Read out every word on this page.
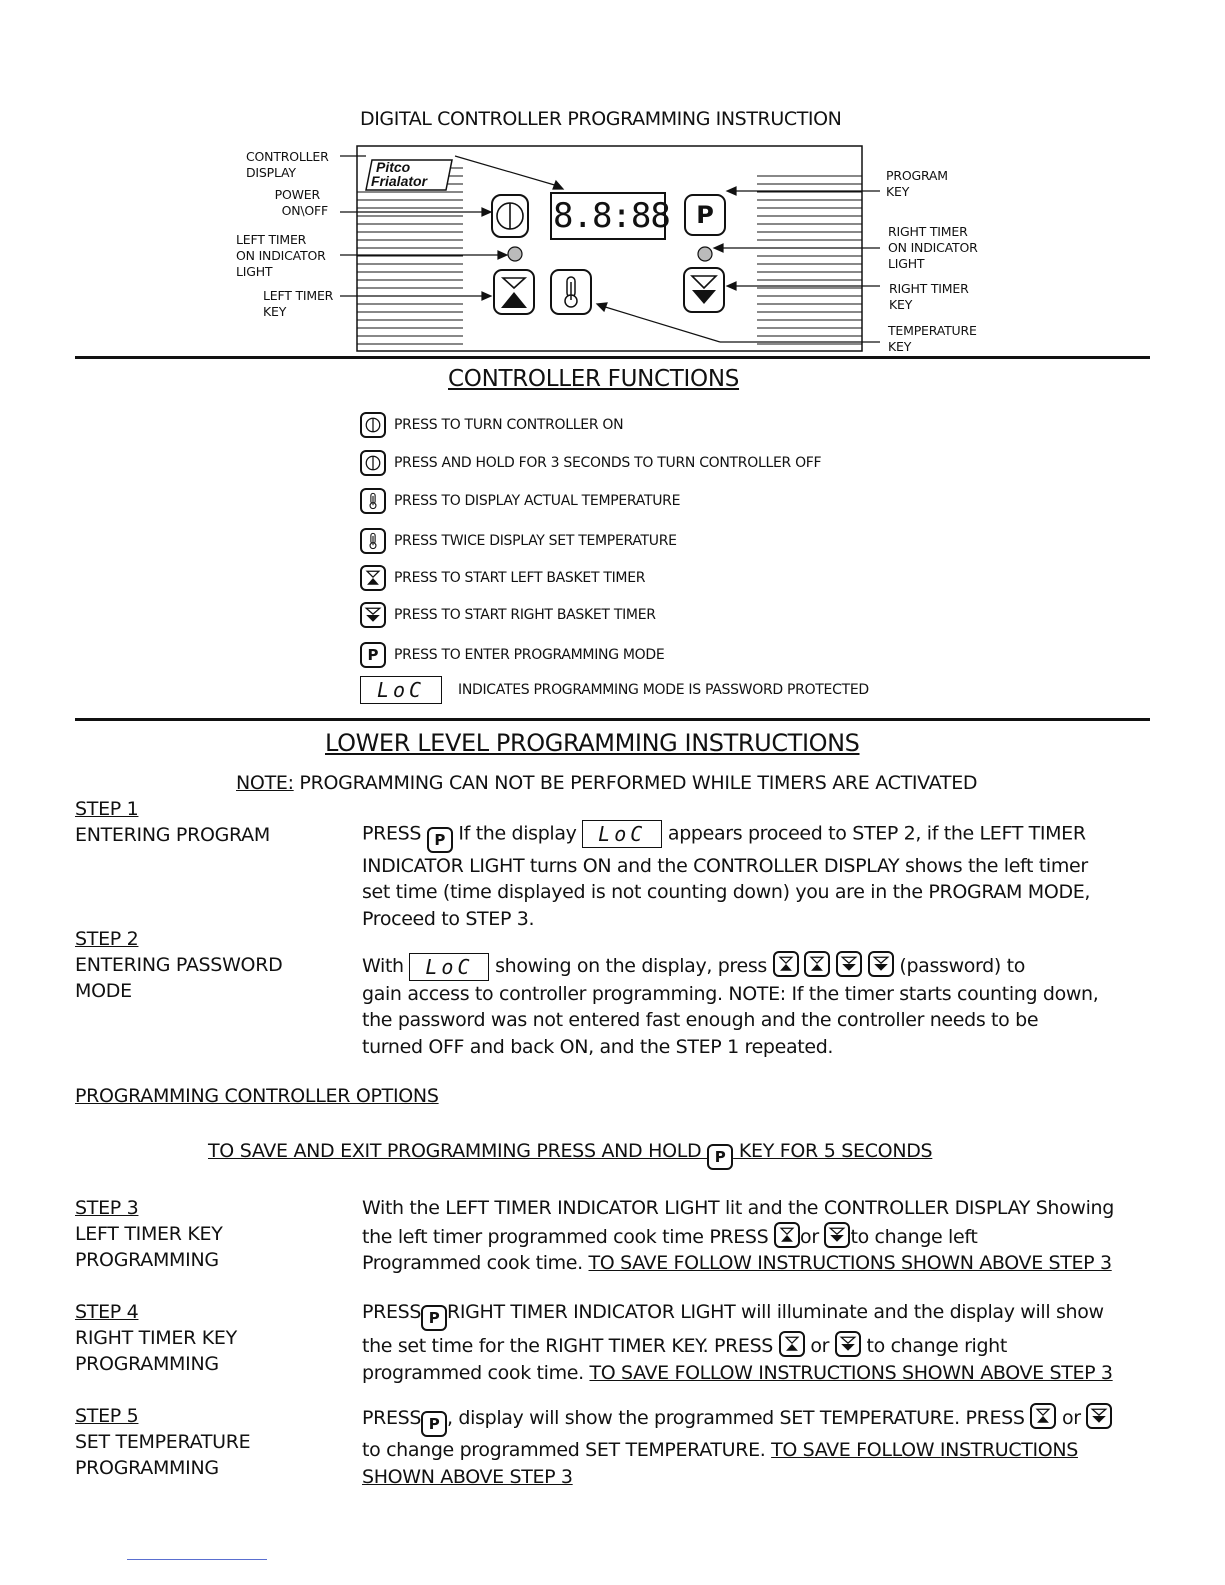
DIGITAL CONTROLLER PROGRAMMING INSTRUCTION
Pitco
Frialator
8.8:88	P
CONTROLLER
DISPLAY
POWER
ON\OFF
LEFT TIMER
ON INDICATOR
LIGHT
LEFT TIMER
KEY
PROGRAM
KEY
RIGHT TIMER
ON INDICATOR
LIGHT
RIGHT TIMER
KEY
TEMPERATURE
KEY
CONTROLLER FUNCTIONS
PRESS TO TURN CONTROLLER ON
PRESS AND HOLD FOR 3 SECONDS TO TURN CONTROLLER OFF
PRESS TO DISPLAY ACTUAL TEMPERATURE
PRESS TWICE DISPLAY SET TEMPERATURE
PRESS TO START LEFT BASKET TIMER
PRESS TO START RIGHT BASKET TIMER
P	PRESS TO ENTER PROGRAMMING MODE
LoC	INDICATES PROGRAMMING MODE IS PASSWORD PROTECTED
LOWER LEVEL PROGRAMMING INSTRUCTIONS
NOTE: PROGRAMMING CAN NOT BE PERFORMED WHILE TIMERS ARE ACTIVATED
STEP 1
ENTERING PROGRAM	PRESS P If the display LoC appears proceed to STEP 2, if the LEFT TIMER
INDICATOR LIGHT turns ON and the CONTROLLER DISPLAY shows the left timer
set time (time displayed is not counting down) you are in the PROGRAM MODE,
Proceed to STEP 3.
STEP 2
ENTERING PASSWORD
MODE
With LoC showing on the display, press

	(password) to
gain access to controller programming. NOTE: If the timer starts counting down,
the password was not entered fast enough and the controller needs to be
turned OFF and back ON, and the STEP 1 repeated.
PROGRAMMING CONTROLLER OPTIONS
TO SAVE AND EXIT PROGRAMMING PRESS AND HOLD P KEY FOR 5 SECONDS
STEP 3
LEFT TIMER KEY
PROGRAMMING
With the LEFT TIMER INDICATOR LIGHT lit and the CONTROLLER DISPLAY Showing
the left timer programmed cook time PRESS
or
to change left
Programmed cook time. TO SAVE FOLLOW INSTRUCTIONS SHOWN ABOVE STEP 3
STEP 4
RIGHT TIMER KEY
PROGRAMMING
PRESS P RIGHT TIMER INDICATOR LIGHT will illuminate and the display will show
the set time for the RIGHT TIMER KEY. PRESS
or
to change right
programmed cook time. TO SAVE FOLLOW INSTRUCTIONS SHOWN ABOVE STEP 3
STEP 5
SET TEMPERATURE
PROGRAMMING
PRESS P , display will show the programmed SET TEMPERATURE. PRESS
or
to change programmed SET TEMPERATURE. TO SAVE FOLLOW INSTRUCTIONS
SHOWN ABOVE STEP 3
